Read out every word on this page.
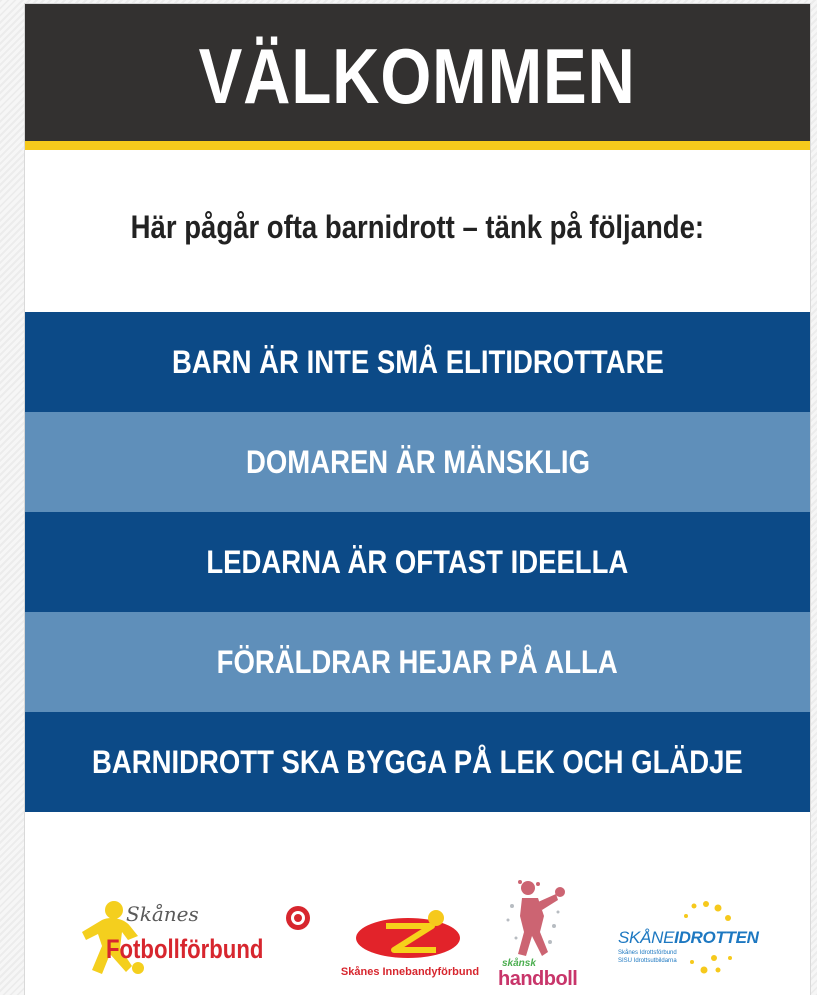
VÄLKOMMEN
Här pågår ofta barnidrott – tänk på följande:
BARN ÄR INTE SMÅ ELITIDROTTARE
DOMAREN ÄR MÄNSKLIG
LEDARNA ÄR OFTAST IDEELLA
FÖRÄLDRAR HEJAR PÅ ALLA
BARNIDROTT SKA BYGGA PÅ LEK OCH GLÄDJE
Skånes
Fotbollförbund
Skånes Innebandyförbund
skånsk
handboll
SKÅNEIDROTTEN
Skånes Idrottsförbund
SISU Idrottsutbildarna
